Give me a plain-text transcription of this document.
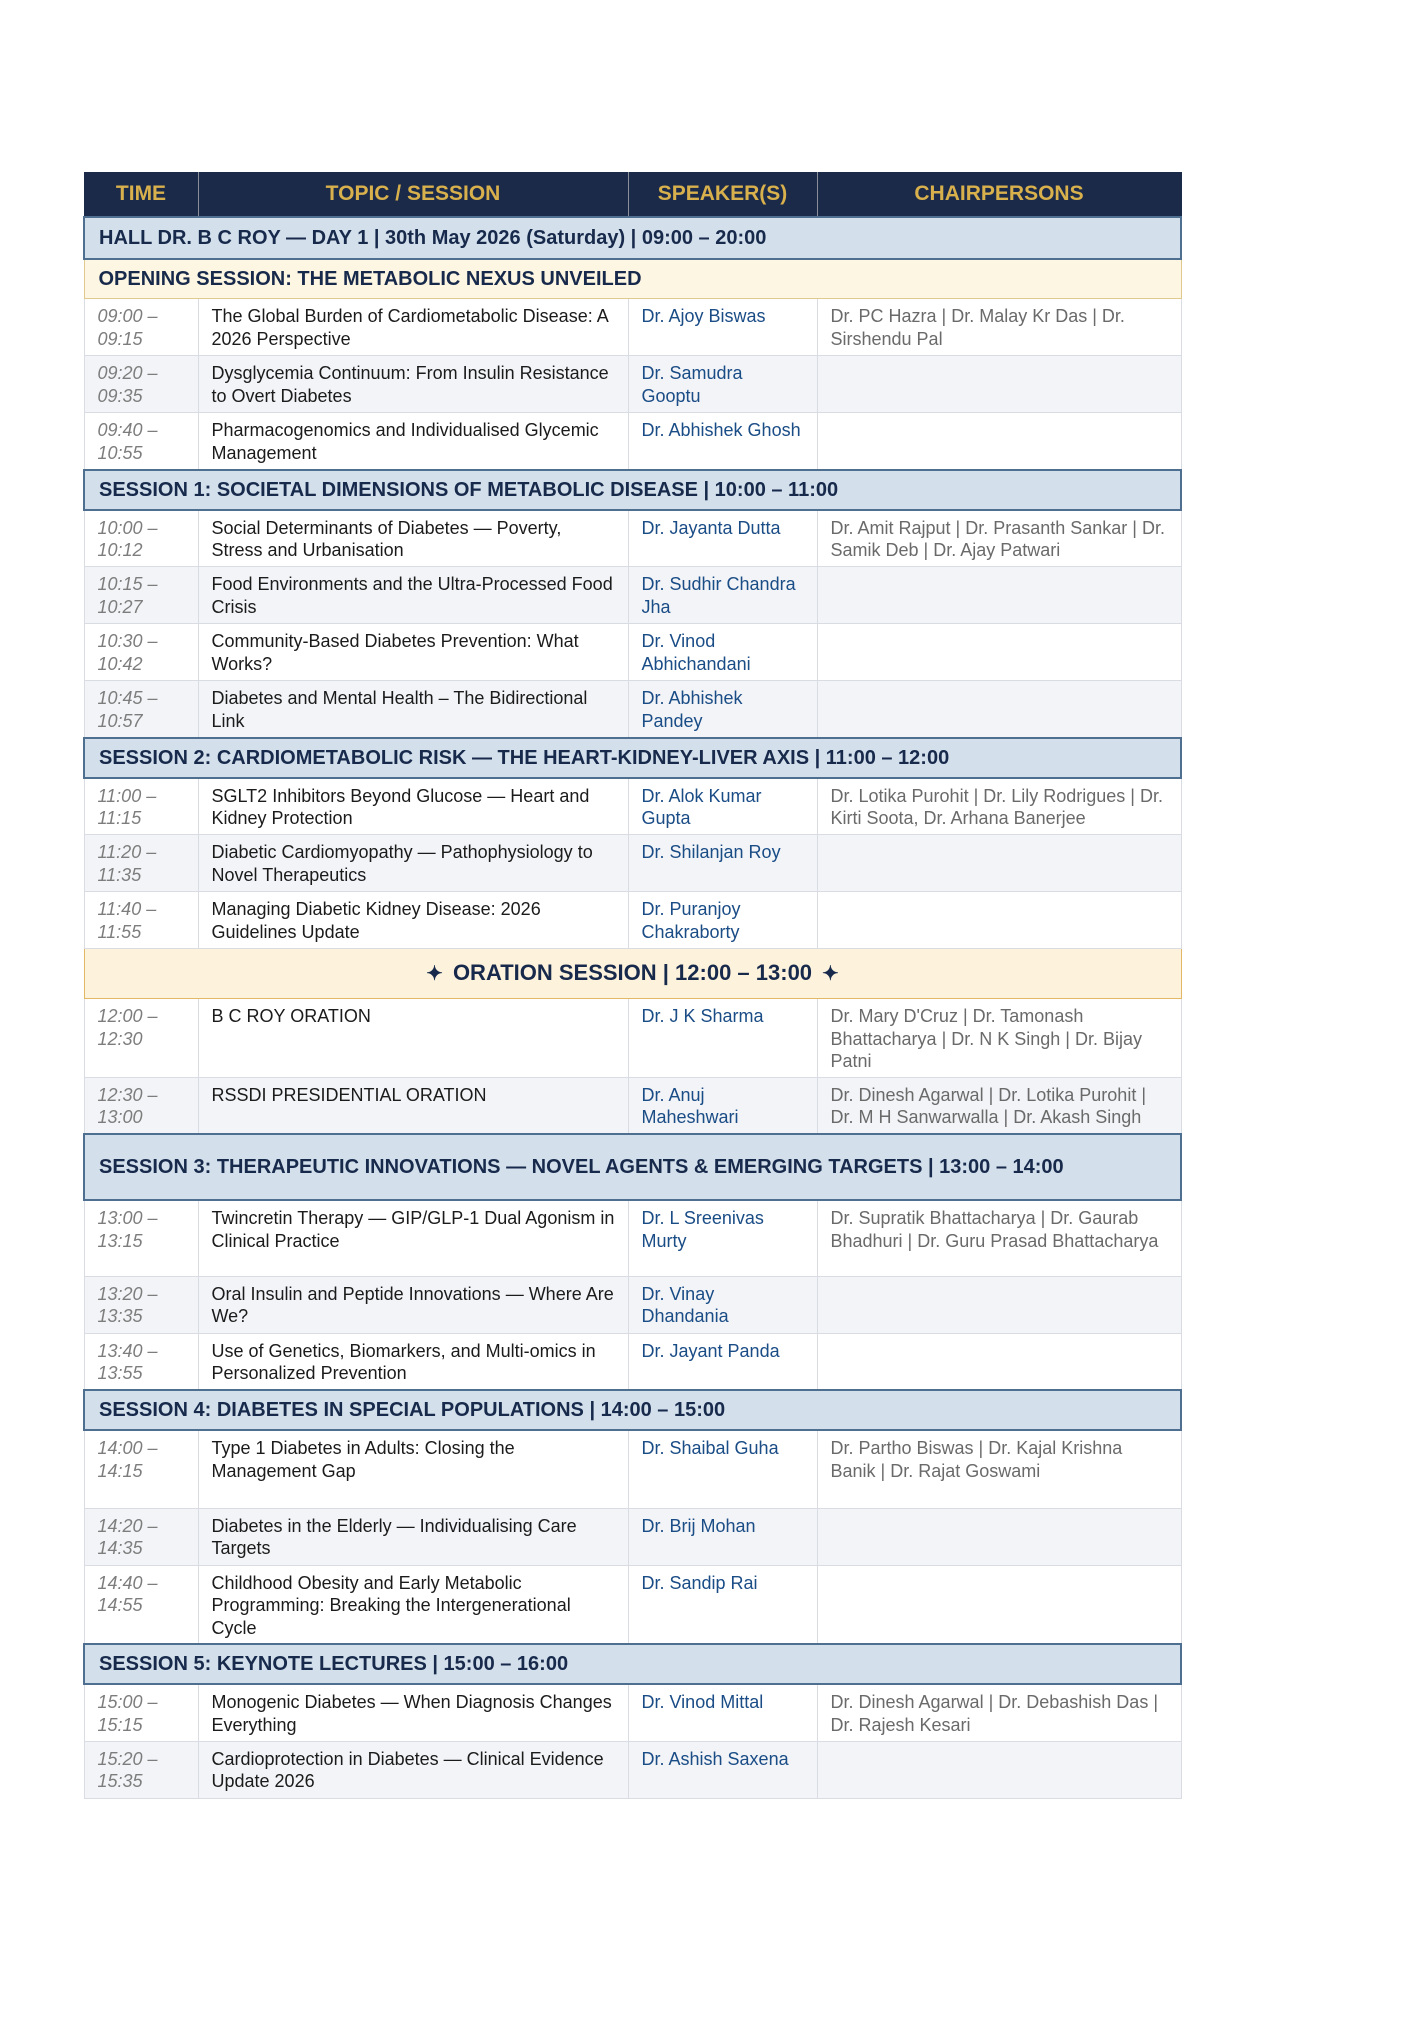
TIME	TOPIC / SESSION	SPEAKER(S)	CHAIRPERSONS
HALL DR. B C ROY — DAY 1 | 30th May 2026 (Saturday) | 09:00 – 20:00			
OPENING SESSION: THE METABOLIC NEXUS UNVEILED			
09:00 – 09:15	The Global Burden of Cardiometabolic Disease: A 2026 Perspective	Dr. Ajoy Biswas	Dr. PC Hazra | Dr. Malay Kr Das | Dr. Sirshendu Pal
09:20 – 09:35	Dysglycemia Continuum: From Insulin Resistance to Overt Diabetes	Dr. Samudra Gooptu	
09:40 – 10:55	Pharmacogenomics and Individualised Glycemic Management	Dr. Abhishek Ghosh	
SESSION 1: SOCIETAL DIMENSIONS OF METABOLIC DISEASE | 10:00 – 11:00			
10:00 – 10:12	Social Determinants of Diabetes — Poverty, Stress and Urbanisation	Dr. Jayanta Dutta	Dr. Amit Rajput | Dr. Prasanth Sankar | Dr. Samik Deb | Dr. Ajay Patwari
10:15 – 10:27	Food Environments and the Ultra-Processed Food Crisis	Dr. Sudhir Chandra Jha	
10:30 – 10:42	Community-Based Diabetes Prevention: What Works?	Dr. Vinod Abhichandani	
10:45 – 10:57	Diabetes and Mental Health – The Bidirectional Link	Dr. Abhishek Pandey	
SESSION 2: CARDIOMETABOLIC RISK — THE HEART-KIDNEY-LIVER AXIS | 11:00 – 12:00			
11:00 – 11:15	SGLT2 Inhibitors Beyond Glucose — Heart and Kidney Protection	Dr. Alok Kumar Gupta	Dr. Lotika Purohit | Dr. Lily Rodrigues | Dr. Kirti Soota, Dr. Arhana Banerjee
11:20 – 11:35	Diabetic Cardiomyopathy — Pathophysiology to Novel Therapeutics	Dr. Shilanjan Roy	
11:40 – 11:55	Managing Diabetic Kidney Disease: 2026 Guidelines Update	Dr. Puranjoy Chakraborty	
✦ ORATION SESSION | 12:00 – 13:00 ✦			
12:00 – 12:30	B C ROY ORATION	Dr. J K Sharma	Dr. Mary D'Cruz | Dr. Tamonash Bhattacharya | Dr. N K Singh | Dr. Bijay Patni
12:30 – 13:00	RSSDI PRESIDENTIAL ORATION	Dr. Anuj Maheshwari	Dr. Dinesh Agarwal | Dr. Lotika Purohit | Dr. M H Sanwarwalla | Dr. Akash Singh
SESSION 3: THERAPEUTIC INNOVATIONS — NOVEL AGENTS & EMERGING TARGETS | 13:00 – 14:00			
13:00 – 13:15	Twincretin Therapy — GIP/GLP-1 Dual Agonism in Clinical Practice	Dr. L Sreenivas Murty	Dr. Supratik Bhattacharya | Dr. Gaurab Bhadhuri | Dr. Guru Prasad Bhattacharya
13:20 – 13:35	Oral Insulin and Peptide Innovations — Where Are We?	Dr. Vinay Dhandania	
13:40 – 13:55	Use of Genetics, Biomarkers, and Multi-omics in Personalized Prevention	Dr. Jayant Panda	
SESSION 4: DIABETES IN SPECIAL POPULATIONS | 14:00 – 15:00			
14:00 – 14:15	Type 1 Diabetes in Adults: Closing the Management Gap	Dr. Shaibal Guha	Dr. Partho Biswas | Dr. Kajal Krishna Banik | Dr. Rajat Goswami
14:20 – 14:35	Diabetes in the Elderly — Individualising Care Targets	Dr. Brij Mohan	
14:40 – 14:55	Childhood Obesity and Early Metabolic Programming: Breaking the Intergenerational Cycle	Dr. Sandip Rai	
SESSION 5: KEYNOTE LECTURES | 15:00 – 16:00			
15:00 – 15:15	Monogenic Diabetes — When Diagnosis Changes Everything	Dr. Vinod Mittal	Dr. Dinesh Agarwal | Dr. Debashish Das | Dr. Rajesh Kesari
15:20 – 15:35	Cardioprotection in Diabetes — Clinical Evidence Update 2026	Dr. Ashish Saxena	
